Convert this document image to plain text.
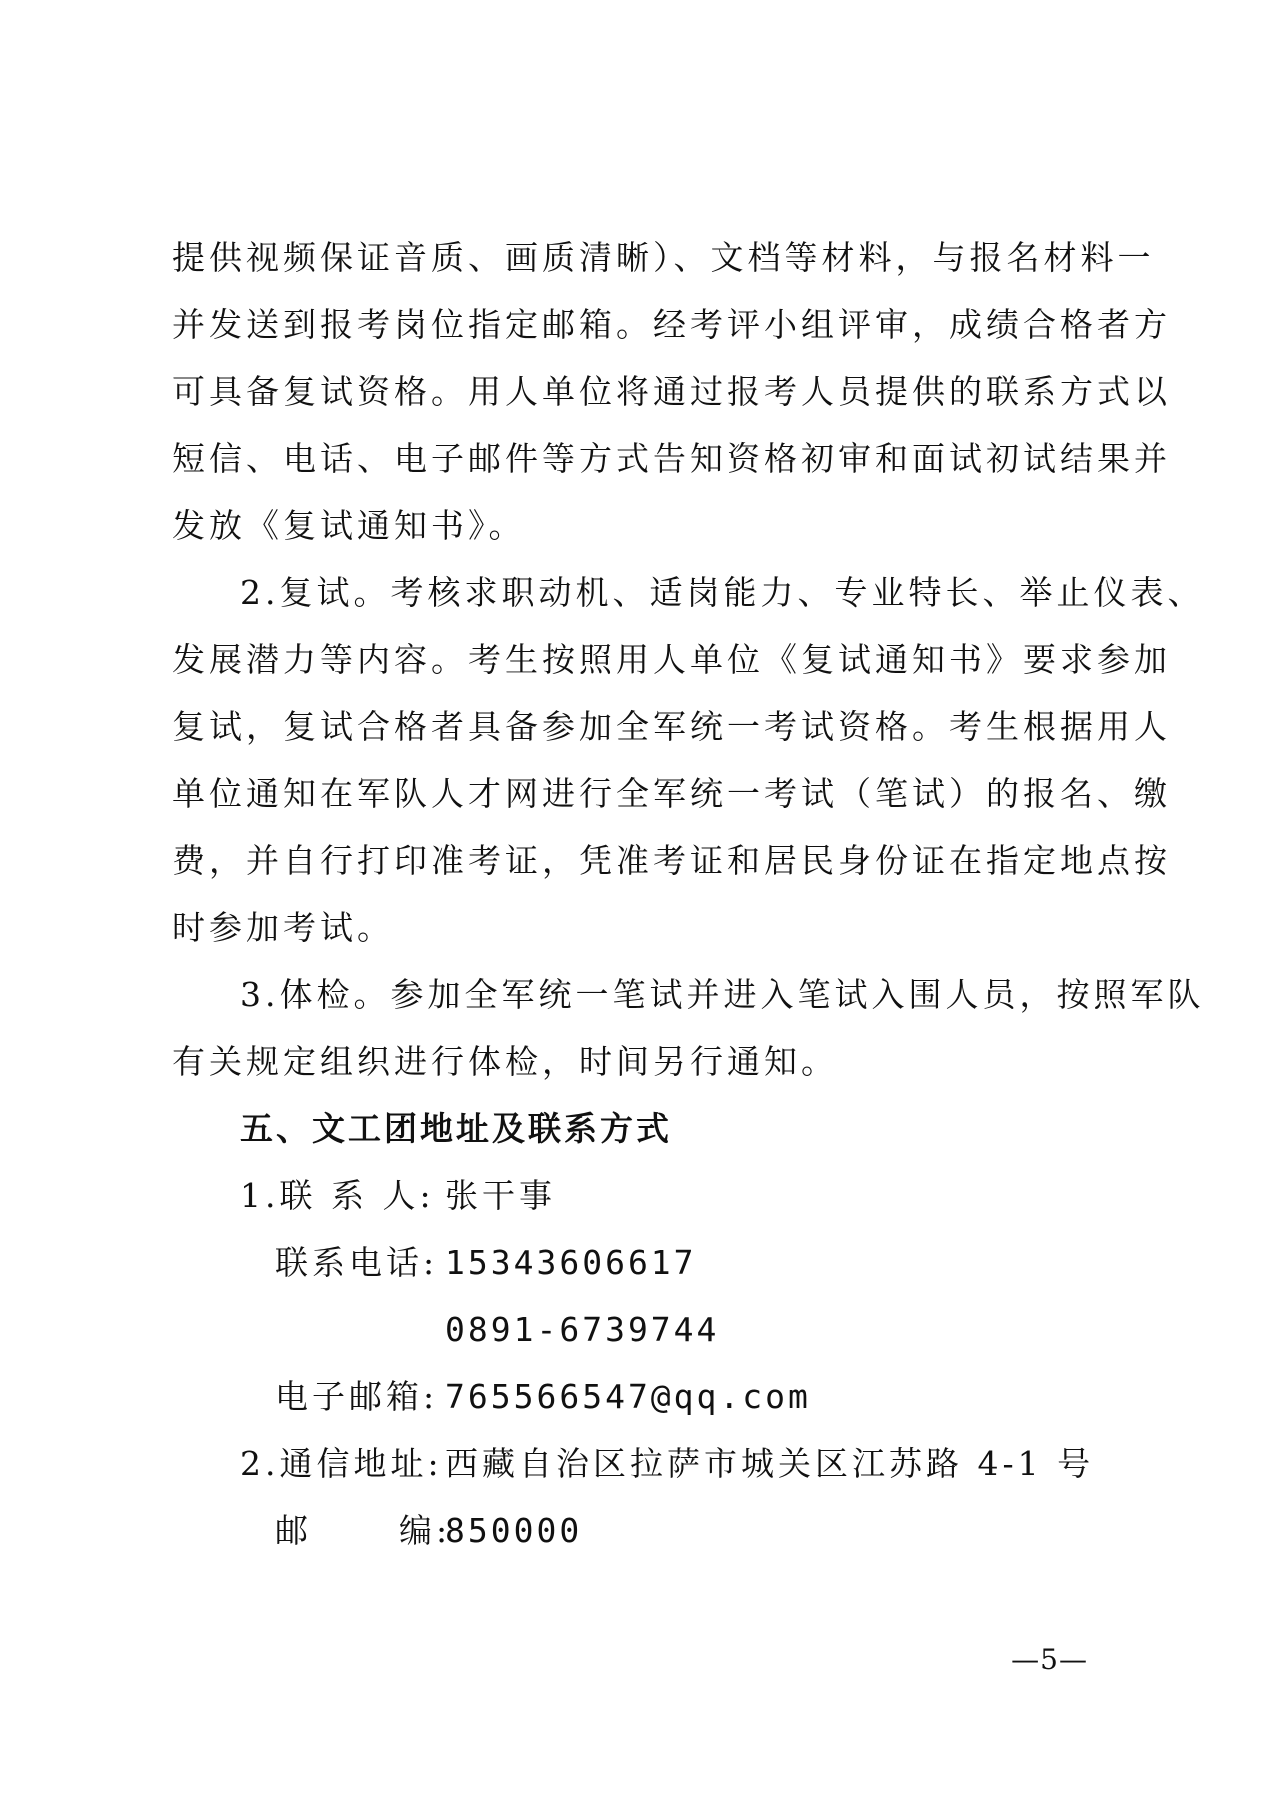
提供视频保证音质、画质清晰）、文档等材料，与报名材料一
并发送到报考岗位指定邮箱。经考评小组评审，成绩合格者方
可具备复试资格。用人单位将通过报考人员提供的联系方式以
短信、电话、电子邮件等方式告知资格初审和面试初试结果并
发放《复试通知书》。
2.复试。考核求职动机、适岗能力、专业特长、举止仪表、
发展潜力等内容。考生按照用人单位《复试通知书》要求参加
复试，复试合格者具备参加全军统一考试资格。考生根据用人
单位通知在军队人才网进行全军统一考试（笔试）的报名、缴
费，并自行打印准考证，凭准考证和居民身份证在指定地点按
时参加考试。
3.体检。参加全军统一笔试并进入笔试入围人员，按照军队
有关规定组织进行体检，时间另行通知。
五、文工团地址及联系方式
1.联 系 人: 张干事
联系电话: 15343606617
0891-6739744
电子邮箱: 765566547@qq.com
2.通信地址: 西藏自治区拉萨市城关区江苏路 4-1 号
邮      编:
850000
—5—
